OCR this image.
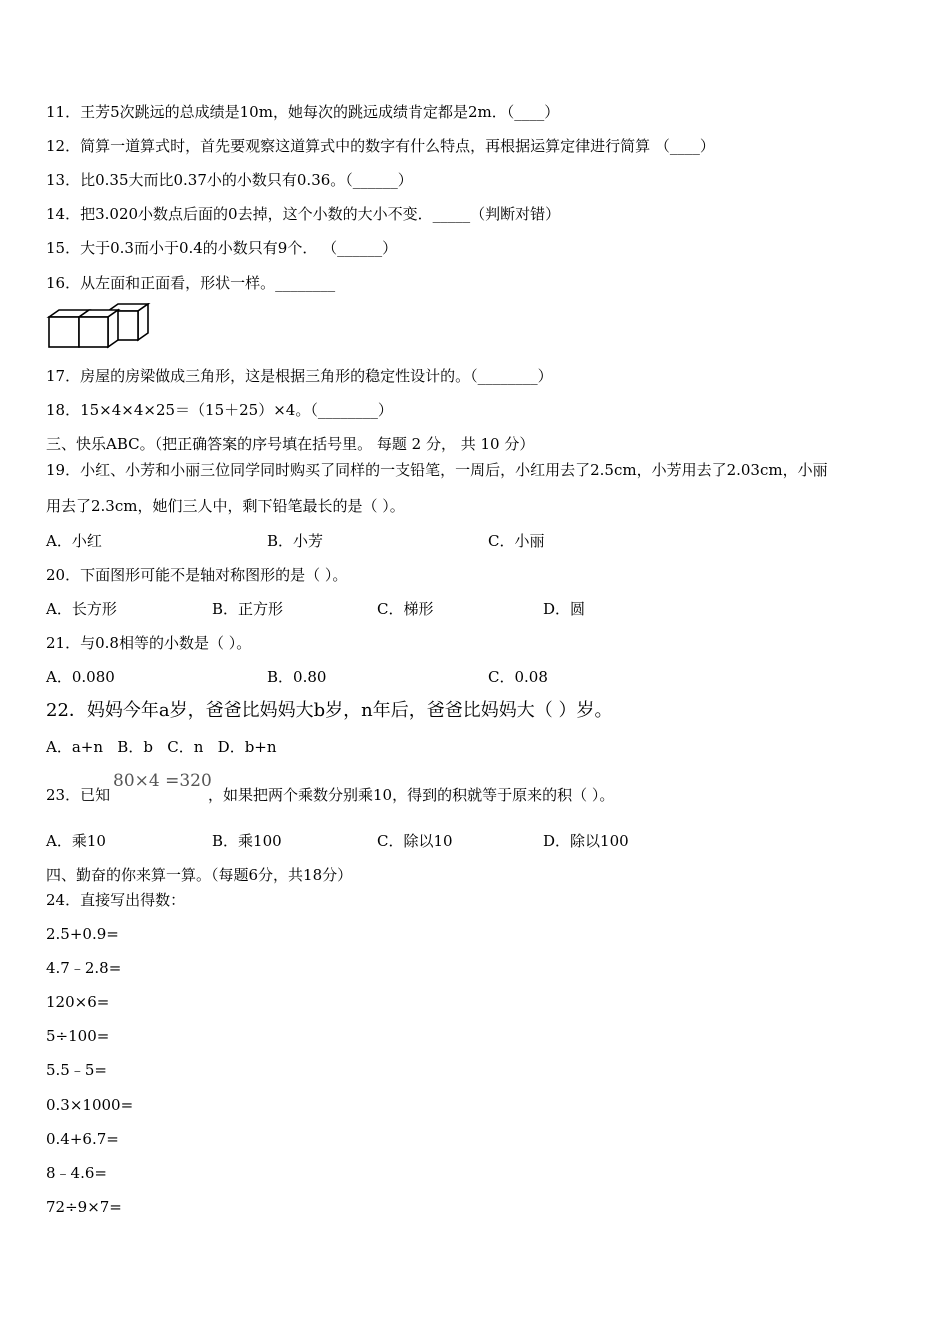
11．王芳5次跳远的总成绩是10m，她每次的跳远成绩肯定都是2m．（____）
12．简算一道算式时，首先要观察这道算式中的数字有什么特点，再根据运算定律进行简算 （____）
13．比0.35大而比0.37小的小数只有0.36。（______）
14．把3.020小数点后面的0去掉，这个小数的大小不变．_____（判断对错）
15．大于0.3而小于0.4的小数只有9个． （______）
16．从左面和正面看，形状一样。________
17．房屋的房梁做成三角形，这是根据三角形的稳定性设计的。（________）
18．15×4×4×25＝（15＋25）×4。（________）
三、快乐ABC。（把正确答案的序号填在括号里。 每题 2 分， 共 10 分）
19．小红、小芳和小丽三位同学同时购买了同样的一支铅笔，一周后，小红用去了2.5cm，小芳用去了2.03cm，小丽
用去了2.3cm，她们三人中，剩下铅笔最长的是（ ）。
A．小红	B．小芳	C．小丽
20．下面图形可能不是轴对称图形的是（ ）。
A．长方形	B．正方形	C．梯形	D．圆
21．与0.8相等的小数是（ ）。
A．0.080	B．0.80	C．0.08
22．妈妈今年a岁，爸爸比妈妈大b岁，n年后，爸爸比妈妈大（ ）岁。
A．a+n   B．b   C．n   D．b+n
23．已知
80×4 =320
，如果把两个乘数分别乘10，得到的积就等于原来的积（ ）。
A．乘10	B．乘100	C．除以10	D．除以100
四、勤奋的你来算一算。（每题6分，共18分）
24．直接写出得数：
2.5+0.9=
4.7﹣2.8=
120×6=
5÷100=
5.5﹣5=
0.3×1000=
0.4+6.7=
8﹣4.6=
72÷9×7=
